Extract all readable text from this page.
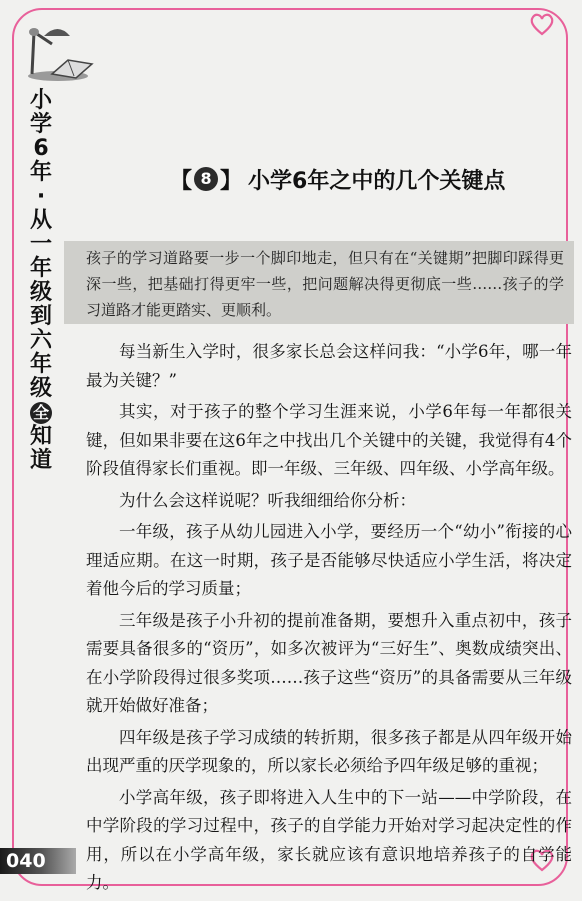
小
学
6
年
·
从
一
年
级
到
六
年
级
全
知
道
【 8 】 小学6年之中的几个关键点
孩子的学习道路要一步一个脚印地走，但只有在“关键期”把脚印踩得更深一些，把基础打得更牢一些，把问题解决得更彻底一些……孩子的学习道路才能更踏实、更顺利。

每当新生入学时，很多家长总会这样问我：“小学6年，哪一年最为关键？”

其实，对于孩子的整个学习生涯来说，小学6年每一年都很关键，但如果非要在这6年之中找出几个关键中的关键，我觉得有4个阶段值得家长们重视。即一年级、三年级、四年级、小学高年级。

为什么会这样说呢？听我细细给你分析：

一年级，孩子从幼儿园进入小学，要经历一个“幼小”衔接的心理适应期。在这一时期，孩子是否能够尽快适应小学生活，将决定着他今后的学习质量；

三年级是孩子小升初的提前准备期，要想升入重点初中，孩子需要具备很多的“资历”，如多次被评为“三好生”、奥数成绩突出、在小学阶段得过很多奖项……孩子这些“资历”的具备需要从三年级就开始做好准备；

四年级是孩子学习成绩的转折期，很多孩子都是从四年级开始出现严重的厌学现象的，所以家长必须给予四年级足够的重视；

小学高年级，孩子即将进入人生中的下一站——中学阶段，在中学阶段的学习过程中，孩子的自学能力开始对学习起决定性的作用，所以在小学高年级，家长就应该有意识地培养孩子的自学能力。

040
